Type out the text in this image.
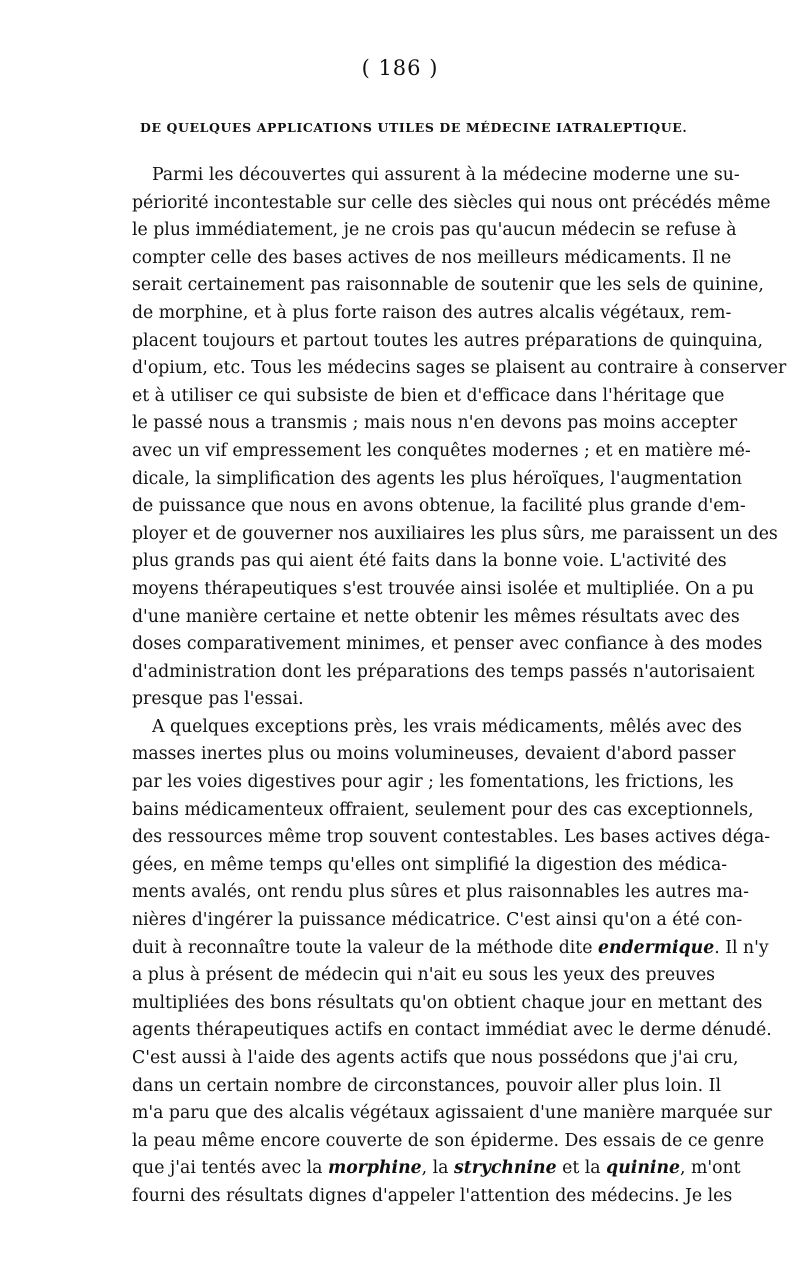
( 186 )
DE QUELQUES APPLICATIONS UTILES DE MÉDECINE IATRALEPTIQUE.
Parmi les découvertes qui assurent à la médecine moderne une su-
périorité incontestable sur celle des siècles qui nous ont précédés même
le plus immédiatement, je ne crois pas qu'aucun médecin se refuse à
compter celle des bases actives de nos meilleurs médicaments. Il ne
serait certainement pas raisonnable de soutenir que les sels de quinine,
de morphine, et à plus forte raison des autres alcalis végétaux, rem-
placent toujours et partout toutes les autres préparations de quinquina,
d'opium, etc. Tous les médecins sages se plaisent au contraire à conserver
et à utiliser ce qui subsiste de bien et d'efficace dans l'héritage que
le passé nous a transmis ; mais nous n'en devons pas moins accepter
avec un vif empressement les conquêtes modernes ; et en matière mé-
dicale, la simplification des agents les plus héroïques, l'augmentation
de puissance que nous en avons obtenue, la facilité plus grande d'em-
ployer et de gouverner nos auxiliaires les plus sûrs, me paraissent un des
plus grands pas qui aient été faits dans la bonne voie. L'activité des
moyens thérapeutiques s'est trouvée ainsi isolée et multipliée. On a pu
d'une manière certaine et nette obtenir les mêmes résultats avec des
doses comparativement minimes, et penser avec confiance à des modes
d'administration dont les préparations des temps passés n'autorisaient
presque pas l'essai.
A quelques exceptions près, les vrais médicaments, mêlés avec des
masses inertes plus ou moins volumineuses, devaient d'abord passer
par les voies digestives pour agir ; les fomentations, les frictions, les
bains médicamenteux offraient, seulement pour des cas exceptionnels,
des ressources même trop souvent contestables. Les bases actives déga-
gées, en même temps qu'elles ont simplifié la digestion des médica-
ments avalés, ont rendu plus sûres et plus raisonnables les autres ma-
nières d'ingérer la puissance médicatrice. C'est ainsi qu'on a été con-
duit à reconnaître toute la valeur de la méthode dite endermique. Il n'y
a plus à présent de médecin qui n'ait eu sous les yeux des preuves
multipliées des bons résultats qu'on obtient chaque jour en mettant des
agents thérapeutiques actifs en contact immédiat avec le derme dénudé.
C'est aussi à l'aide des agents actifs que nous possédons que j'ai cru,
dans un certain nombre de circonstances, pouvoir aller plus loin. Il
m'a paru que des alcalis végétaux agissaient d'une manière marquée sur
la peau même encore couverte de son épiderme. Des essais de ce genre
que j'ai tentés avec la morphine, la strychnine et la quinine, m'ont
fourni des résultats dignes d'appeler l'attention des médecins. Je les
